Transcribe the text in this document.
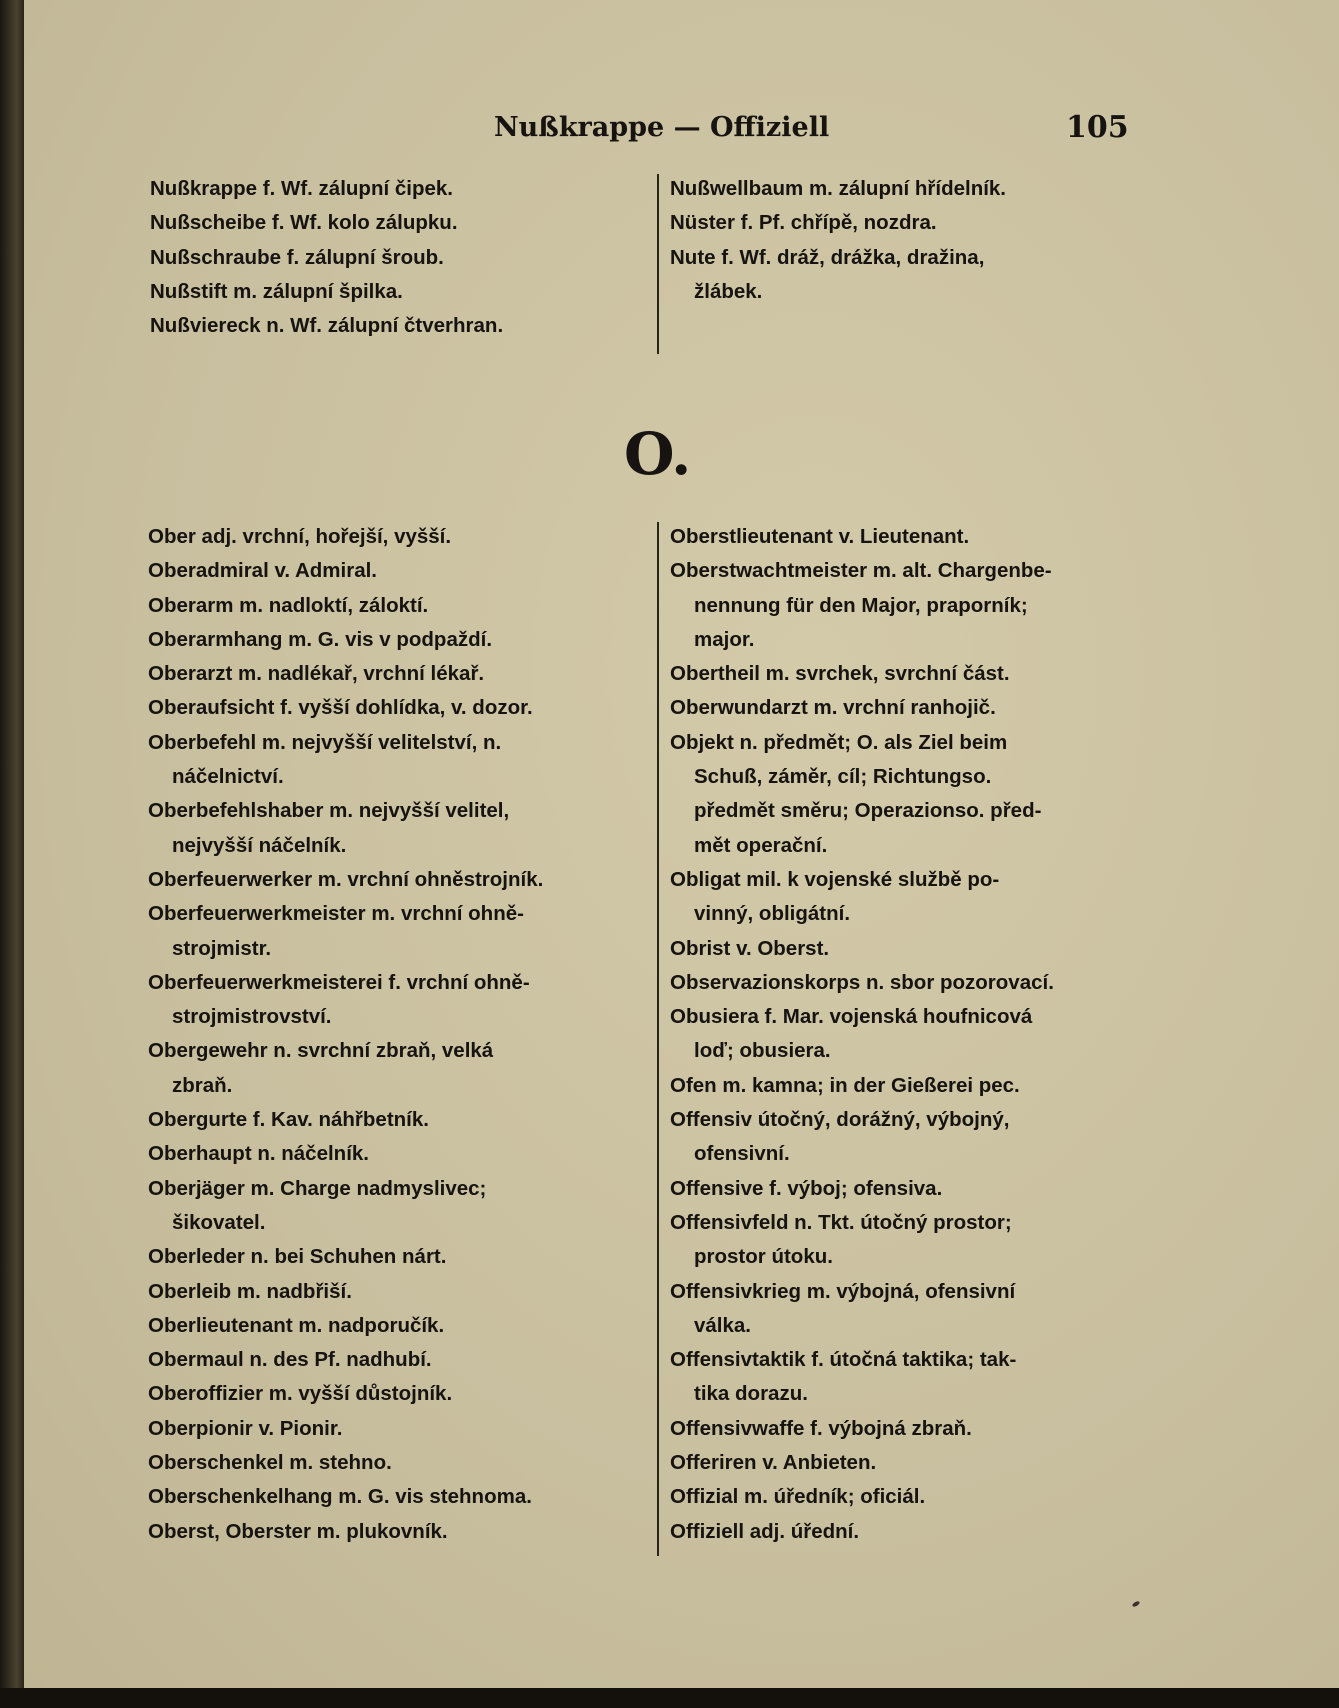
Nußkrappe — Offiziell	105
Nußkrappe f. Wf. zálupní čipek.
Nußscheibe f. Wf. kolo zálupku.
Nußschraube f. zálupní šroub.
Nußstift m. zálupní špilka.
Nußviereck n. Wf. zálupní čtverhran.
Nußwellbaum m. zálupní hřídelník.
Nüster f. Pf. chřípě, nozdra.
Nute f. Wf. dráž, drážka, dražina,
žlábek.
O.
Ober adj. vrchní, hořejší, vyšší.
Oberadmiral v. Admiral.
Oberarm m. nadloktí, záloktí.
Oberarmhang m. G. vis v podpaždí.
Oberarzt m. nadlékař, vrchní lékař.
Oberaufsicht f. vyšší dohlídka, v. dozor.
Oberbefehl m. nejvyšší velitelství, n.
náčelnictví.
Oberbefehlshaber m. nejvyšší velitel,
nejvyšší náčelník.
Oberfeuerwerker m. vrchní ohněstrojník.
Oberfeuerwerkmeister m. vrchní ohně-
strojmistr.
Oberfeuerwerkmeisterei f. vrchní ohně-
strojmistrovství.
Obergewehr n. svrchní zbraň, velká
zbraň.
Obergurte f. Kav. náhřbetník.
Oberhaupt n. náčelník.
Oberjäger m. Charge nadmyslivec;
šikovatel.
Oberleder n. bei Schuhen nárt.
Oberleib m. nadbřiší.
Oberlieutenant m. nadporučík.
Obermaul n. des Pf. nadhubí.
Oberoffizier m. vyšší důstojník.
Oberpionir v. Pionir.
Oberschenkel m. stehno.
Oberschenkelhang m. G. vis stehnoma.
Oberst, Oberster m. plukovník.
Oberstlieutenant v. Lieutenant.
Oberstwachtmeister m. alt. Chargenbe-
nennung für den Major, praporník;
major.
Obertheil m. svrchek, svrchní část.
Oberwundarzt m. vrchní ranhojič.
Objekt n. předmět; O. als Ziel beim
Schuß, záměr, cíl; Richtungso.
předmět směru; Operazionso. před-
mět operační.
Obligat mil. k vojenské službě po-
vinný, obligátní.
Obrist v. Oberst.
Observazionskorps n. sbor pozorovací.
Obusiera f. Mar. vojenská houfnicová
loď; obusiera.
Ofen m. kamna; in der Gießerei pec.
Offensiv útočný, dorážný, výbojný,
ofensivní.
Offensive f. výboj; ofensiva.
Offensivfeld n. Tkt. útočný prostor;
prostor útoku.
Offensivkrieg m. výbojná, ofensivní
válka.
Offensivtaktik f. útočná taktika; tak-
tika dorazu.
Offensivwaffe f. výbojná zbraň.
Offeriren v. Anbieten.
Offizial m. úředník; oficiál.
Offiziell adj. úřední.
